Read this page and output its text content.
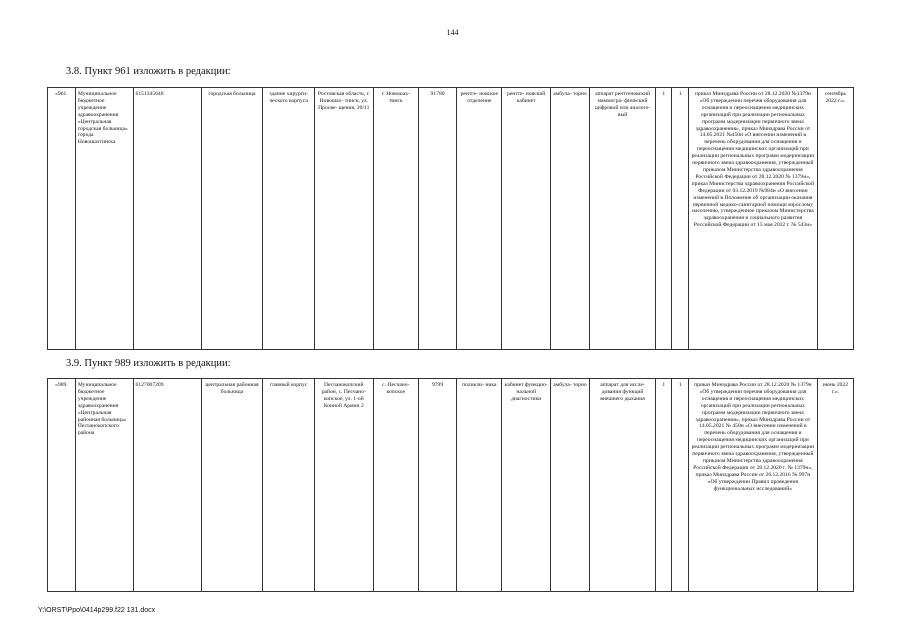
144
3.8. Пункт 961 изложить в редакции:
«961.	Муниципальное бюджетное учреждение здравоохранения «Центральная городская больница» города Новошахтинска	6151345640	городская больница	здание хирурги- ческого корпуса	Ростовская область, г. Новошах- тинск, ул. Просве- щения, 20/11	г. Новошах- тинск	91780	рентге- новское отделение	рентге- новский кабинет	амбула- торно	аппарат рентгеновский маммогра- фический цифровой или аналого- вый	1	1	приказ Минздрава России от 28.12.2020 №1379н «Об утверждении перечня оборудования для оснащения и переоснащения медицинских организаций при реализации региональных программ модернизации первичного звена здравоохранения», приказ Минздрава России от 14.05.2021 №450н «О внесении изменений в перечень оборудования для оснащения и переоснащения медицинских организаций при реализации региональных программ модернизации первичного звена здравоохранения, утвержденный приказом Министерства здравоохранения Российской Федерации от 28.12.2020 № 1379н», приказ Министерства здравоохранения Российской Федерации от 03.12.2019 №984н «О внесении изменений в Положение об организации оказания первичной медико-санитарной помощи взрослому населению, утвержденное приказом Министерства здравоохранения и социального развития Российской Федерации от 15 мая 2012 г. № 543н»	сентябрь 2022 г.».
3.9. Пункт 989 изложить в редакции:
«989.	Муниципальное бюджетное учреждение здравоохранения «Центральная районная больница» Песчанокопского района	6127007209	центральная районная больница	главный корпус	Песчанокопский район, с. Песчано- копское, ул. 1-ой Конной Армии 2	с. Песчано- копское	9799	поликли- ника	кабинет функцио- нальной диагностики	амбула- торно	аппарат для иссле- дования функций внешнего дыхания	1	1	приказ Минздрава России от 28.12.2020 № 1379н «Об утверждении перечня оборудования для оснащения и переоснащения медицинских организаций при реализации региональных программ модернизации первичного звена здравоохранения», приказ Минздрава России от 14.05.2021 № 450н «О внесении изменений в перечень оборудования для оснащения и переоснащения медицинских организаций при реализации региональных программ модернизации первичного звена здравоохранения, утвержденный приказом Министерства здравоохранения Российской Федерации от 28.12.2020 г. № 1379н», приказ Минздрава России от 26.12.2016 № 997н «Об утверждении Правил проведения функциональных исследований»	июнь 2022 г.».
Y:\ORST\Ppo\0414p299.f22 131.docx
